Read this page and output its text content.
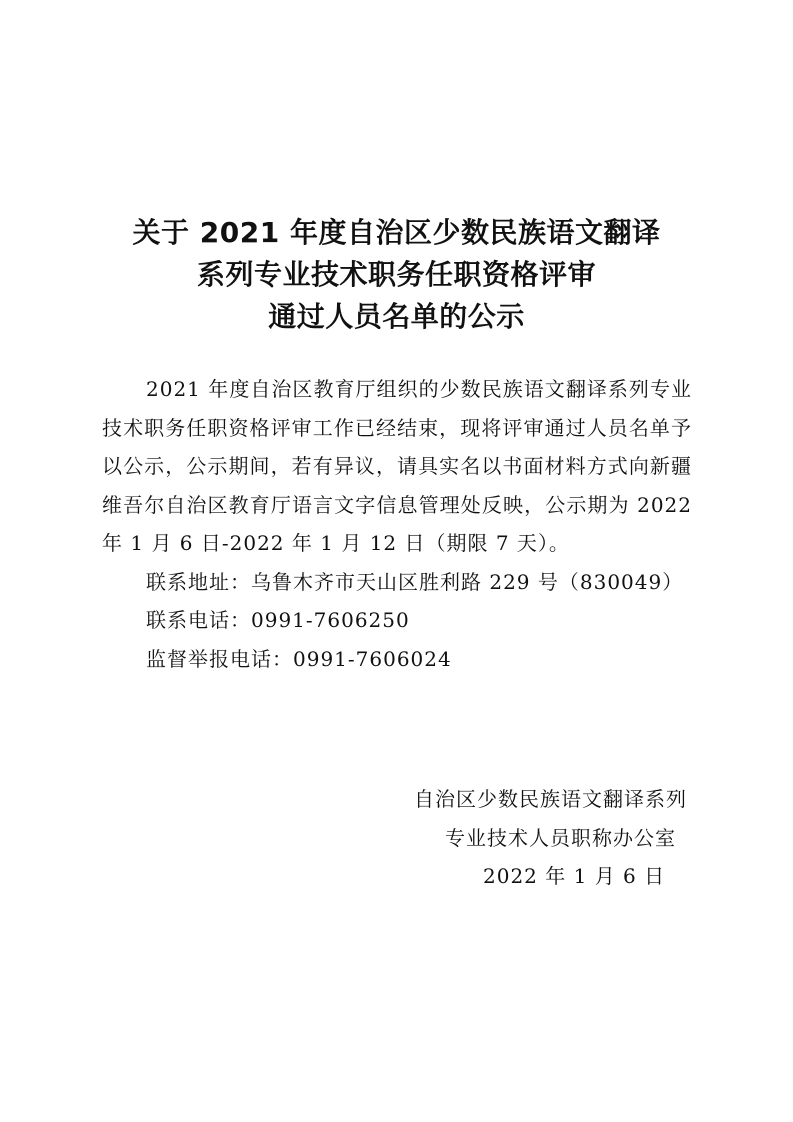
关于 2021 年度自治区少数民族语文翻译
系列专业技术职务任职资格评审
通过人员名单的公示

2021 年度自治区教育厅组织的少数民族语文翻译系列专业技术职务任职资格评审工作已经结束，现将评审通过人员名单予以公示，公示期间，若有异议，请具实名以书面材料方式向新疆维吾尔自治区教育厅语言文字信息管理处反映，公示期为 2022 年 1 月 6 日-2022 年 1 月 12 日（期限 7 天）。

联系地址：乌鲁木齐市天山区胜利路 229 号（830049）

联系电话：0991-7606250

监督举报电话：0991-7606024

自治区少数民族语文翻译系列
专业技术人员职称办公室
2022 年 1 月 6 日
